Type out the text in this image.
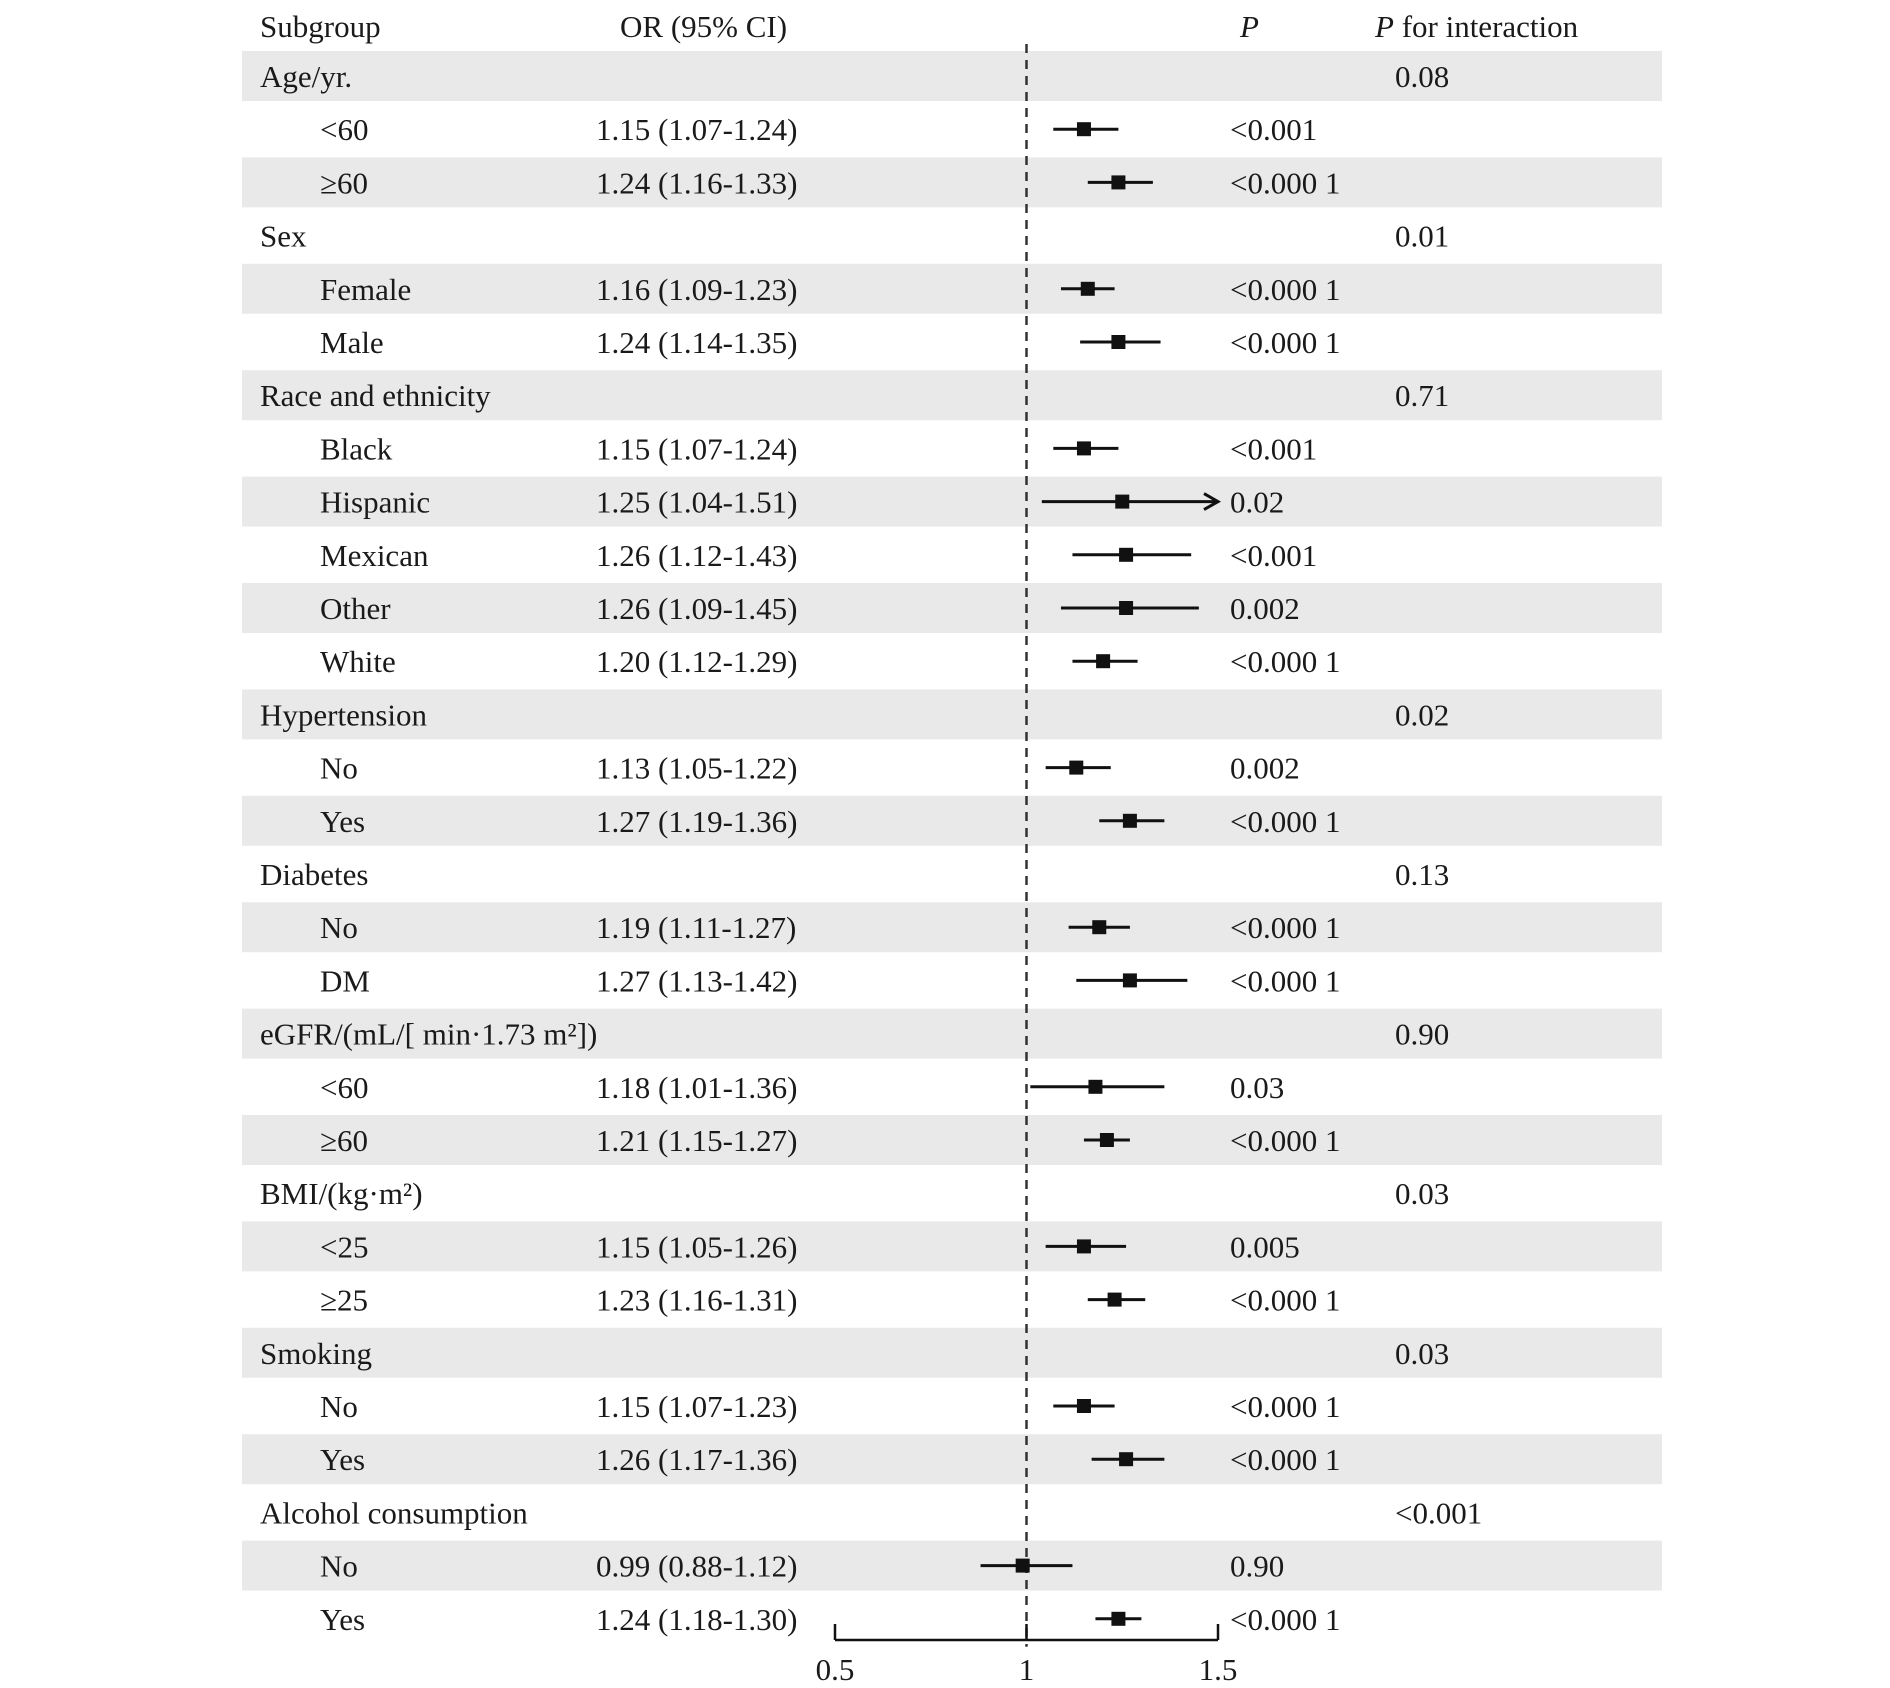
Subgroup	OR (95% CI)	P	P for interaction
Age/yr.	0.08
<60	1.15 (1.07-1.24)	<0.001
≥60	1.24 (1.16-1.33)	<0.000 1
Sex	0.01
Female	1.16 (1.09-1.23)	<0.000 1
Male	1.24 (1.14-1.35)	<0.000 1
Race and ethnicity	0.71
Black	1.15 (1.07-1.24)	<0.001
Hispanic	1.25 (1.04-1.51)	0.02
Mexican	1.26 (1.12-1.43)	<0.001
Other	1.26 (1.09-1.45)	0.002
White	1.20 (1.12-1.29)	<0.000 1
Hypertension	0.02
No	1.13 (1.05-1.22)	0.002
Yes	1.27 (1.19-1.36)	<0.000 1
Diabetes	0.13
No	1.19 (1.11-1.27)	<0.000 1
DM	1.27 (1.13-1.42)	<0.000 1
eGFR/(mL/[ min·1.73 m²])	0.90
<60	1.18 (1.01-1.36)	0.03
≥60	1.21 (1.15-1.27)	<0.000 1
BMI/(kg·m²)	0.03
<25	1.15 (1.05-1.26)	0.005
≥25	1.23 (1.16-1.31)	<0.000 1
Smoking	0.03
No	1.15 (1.07-1.23)	<0.000 1
Yes	1.26 (1.17-1.36)	<0.000 1
Alcohol consumption	<0.001
No	0.99 (0.88-1.12)	0.90
Yes	1.24 (1.18-1.30)	<0.000 1
0.5	1	1.5
